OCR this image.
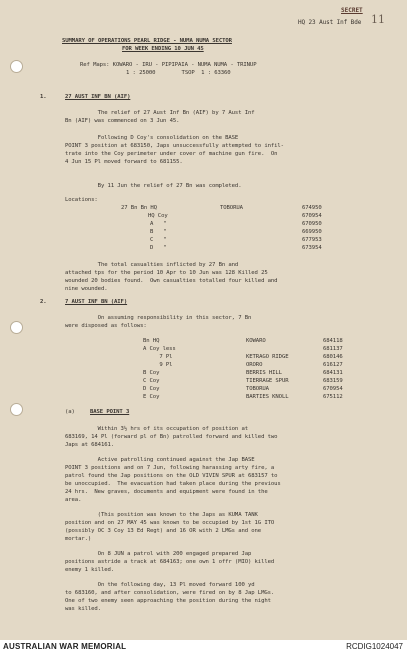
SECRET
11
HQ 23 Aust Inf Bde
SUMMARY OF OPERATIONS PEARL RIDGE - NUMA NUMA SECTOR
FOR WEEK ENDING 10 JUN 45
Ref Maps: KOWARO - IRU - PIPIPAIA - NUMA NUMA - TRINUP
1 : 25000        TSOP  1 : 63360
1.	27 AUST INF BN (AIF)
The relief of 27 Aust Inf Bn (AIF) by 7 Aust Inf
Bn (AIF) was commenced on 3 Jun 45.
Following D Coy's consolidation on the BASE
POINT 3 position at 683150, Japs unsuccessfully attempted to infil-
trate into the Coy perimeter under cover of machine gun fire.  On
4 Jun 15 Pl moved forward to 681155.
By 11 Jun the relief of 27 Bn was completed.
Locations:
27 Bn Bn HQ	TOBORUA	674950
HQ Coy	670954
A   "	670950
B   "	669950
C   "	677953
D   "	673954
The total casualties inflicted by 27 Bn and
attached tps for the period 10 Apr to 10 Jun was 128 Killed 25
wounded 20 bodies found.  Own casualties totalled four killed and
nine wounded.
2.	7 AUST INF BN (AIF)
On assuming responsibility in this sector, 7 Bn
were disposed as follows:
Bn HQ	KOWARO	684118
A Coy less	681137
7 Pl	KETRAGO RIDGE	680146
9 Pl	ORORO	616127
B Coy	BERRIS HILL	684131
C Coy	TIERRAGE SPUR	683159
D Coy	TOBORUA	670954
E Coy	BARTIES KNOLL	675112
(a)	BASE POINT 3
Within 3½ hrs of its occupation of position at
683169, 14 Pl (forward pl of Bn) patrolled forward and killed two
Japs at 684161.
Active patrolling continued against the Jap BASE
POINT 3 positions and on 7 Jun, following harassing arty fire, a
patrol found the Jap positions on the OLD VIVIN SPUR at 683157 to
be unoccupied.  The evacuation had taken place during the previous
24 hrs.  New graves, documents and equipment were found in the
area.
(This position was known to the Japs as KUMA TANK
position and on 27 MAY 45 was known to be occupied by 1st 1G ITO
(possibly OC 3 Coy 13 Ed Regt) and 16 OR with 2 LMGs and one
mortar.)
On 8 JUN a patrol with 200 engaged prepared Jap
positions astride a track at 684163; one own 1 offr (MIO) killed
enemy 1 killed.
On the following day, 13 Pl moved forward 100 yd
to 683160, and after consolidation, were fired on by 8 Jap LMGs.
One of two enemy seen approaching the position during the night
was killed.
AUSTRALIAN WAR MEMORIAL	RCDIG1024047
